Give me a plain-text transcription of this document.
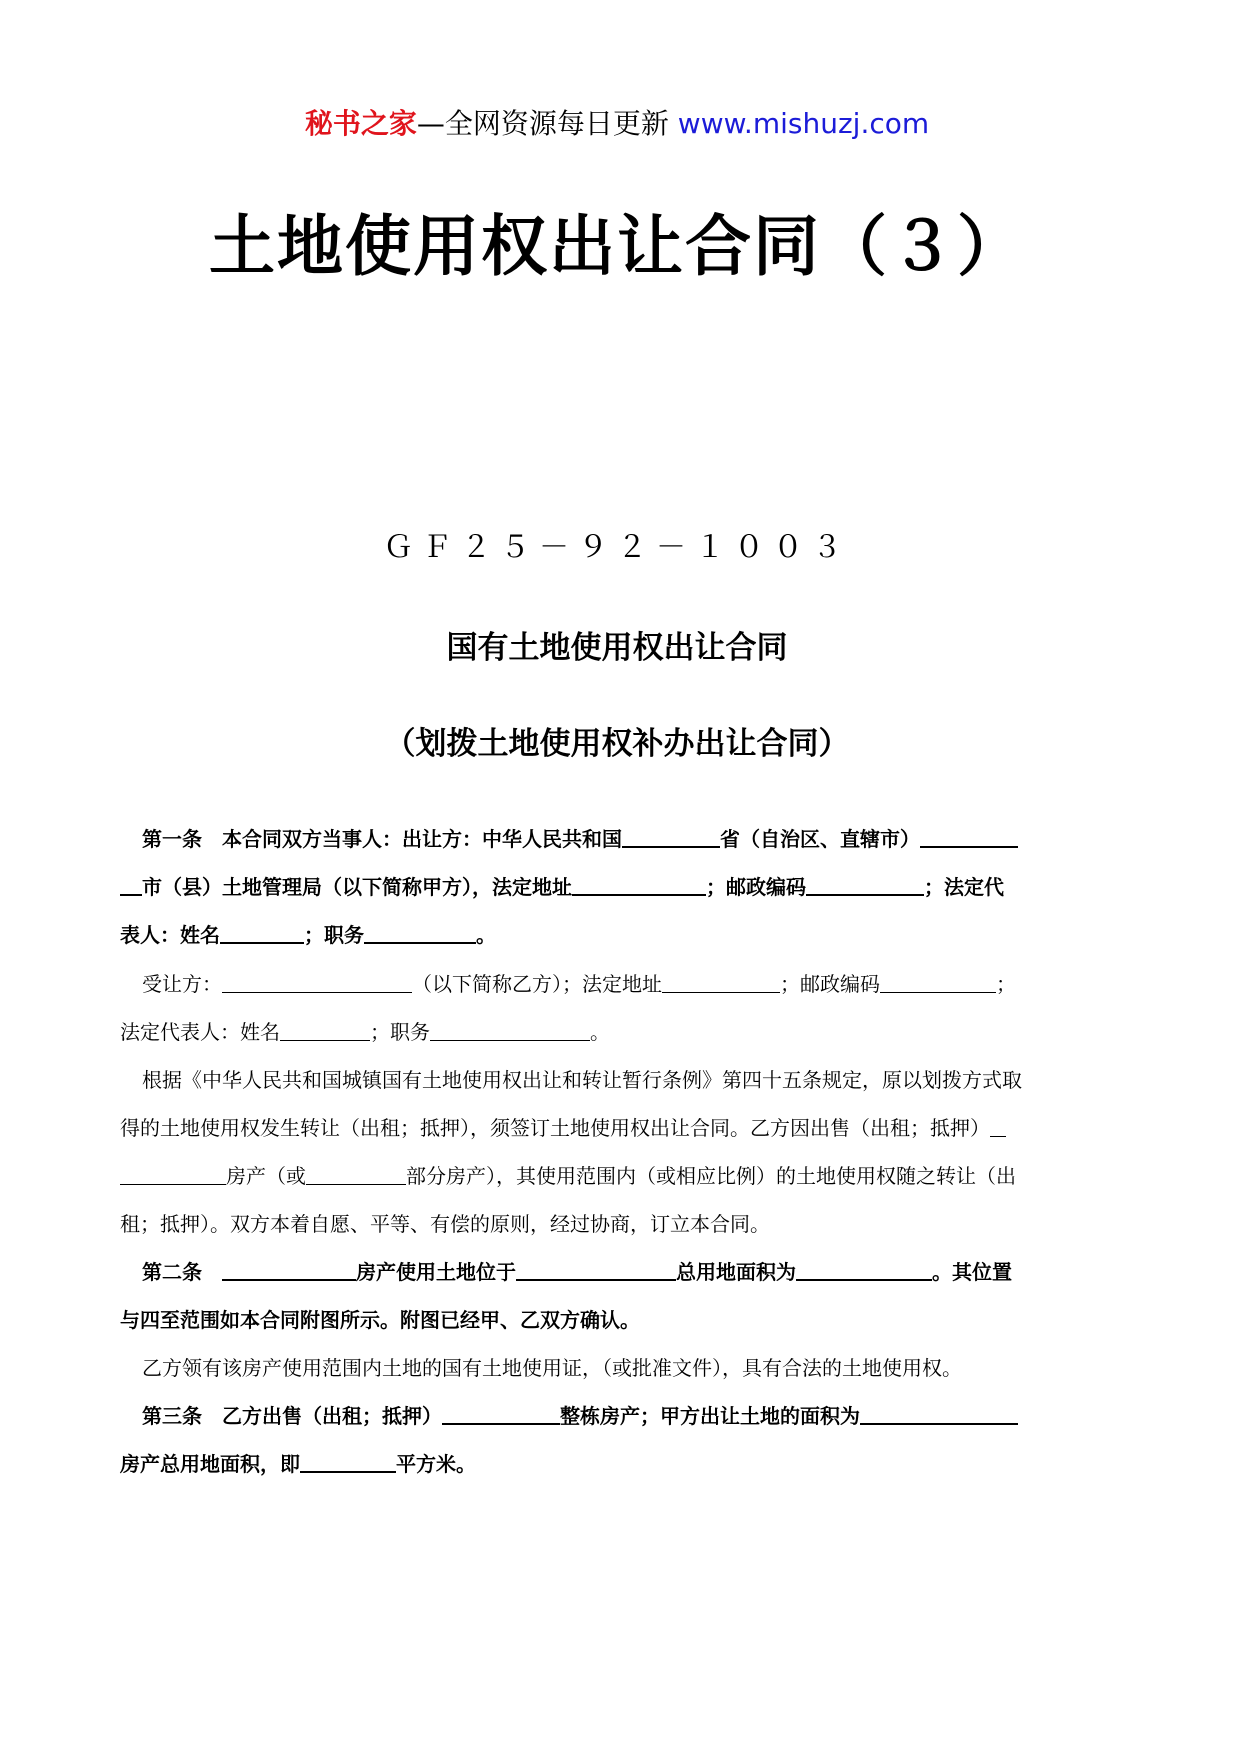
秘书之家—全网资源每日更新 www.mishuzj.com
土地使用权出让合同（３）
ＧＦ２５－９２－１００３
国有土地使用权出让合同
（划拨土地使用权补办出让合同）
第一条　本合同双方当事人：出让方：中华人民共和国	省（自治区、直辖市）
市（县）土地管理局（以下简称甲方），法定地址	；邮政编码	；法定代
表人：姓名	；职务	。
受让方：	（以下简称乙方）；法定地址	；邮政编码	；
法定代表人：姓名	；职务	。
根据《中华人民共和国城镇国有土地使用权出让和转让暂行条例》第四十五条规定，原以划拨方式取
得的土地使用权发生转让（出租；抵押），须签订土地使用权出让合同。乙方因出售（出租；抵押）
房产（或	部分房产），其使用范围内（或相应比例）的土地使用权随之转让（出
租；抵押）。双方本着自愿、平等、有偿的原则，经过协商，订立本合同。
第二条	房产使用土地位于	总用地面积为	。其位置
与四至范围如本合同附图所示。附图已经甲、乙双方确认。
乙方领有该房产使用范围内土地的国有土地使用证，（或批准文件），具有合法的土地使用权。
第三条　乙方出售（出租；抵押）	整栋房产；甲方出让土地的面积为
房产总用地面积，即	平方米。
